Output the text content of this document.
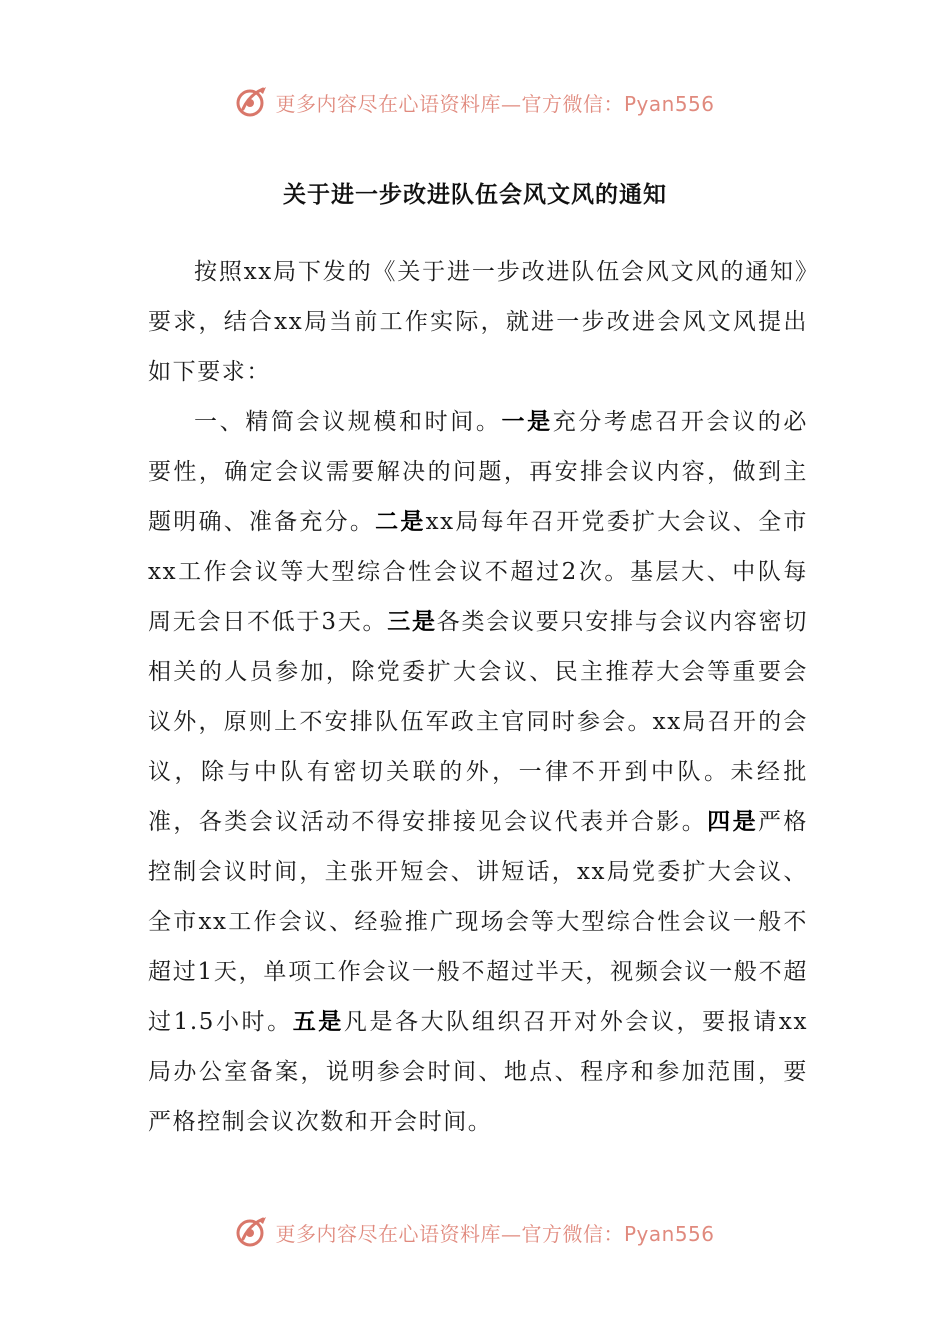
更多内容尽在心语资料库—官方微信：Pyan556
关于进一步改进队伍会风文风的通知

按照xx局下发的《关于进一步改进队伍会风文风的通知》要求，结合xx局当前工作实际，就进一步改进会风文风提出如下要求：

一、精简会议规模和时间。一是充分考虑召开会议的必要性，确定会议需要解决的问题，再安排会议内容，做到主题明确、准备充分。二是xx局每年召开党委扩大会议、全市xx工作会议等大型综合性会议不超过2次。基层大、中队每周无会日不低于3天。三是各类会议要只安排与会议内容密切相关的人员参加，除党委扩大会议、民主推荐大会等重要会议外，原则上不安排队伍军政主官同时参会。xx局召开的会议，除与中队有密切关联的外，一律不开到中队。未经批准，各类会议活动不得安排接见会议代表并合影。四是严格控制会议时间，主张开短会、讲短话，xx局党委扩大会议、全市xx工作会议、经验推广现场会等大型综合性会议一般不超过1天，单项工作会议一般不超过半天，视频会议一般不超过1.5小时。五是凡是各大队组织召开对外会议，要报请xx局办公室备案，说明参会时间、地点、程序和参加范围，要严格控制会议次数和开会时间。

更多内容尽在心语资料库—官方微信：Pyan556
